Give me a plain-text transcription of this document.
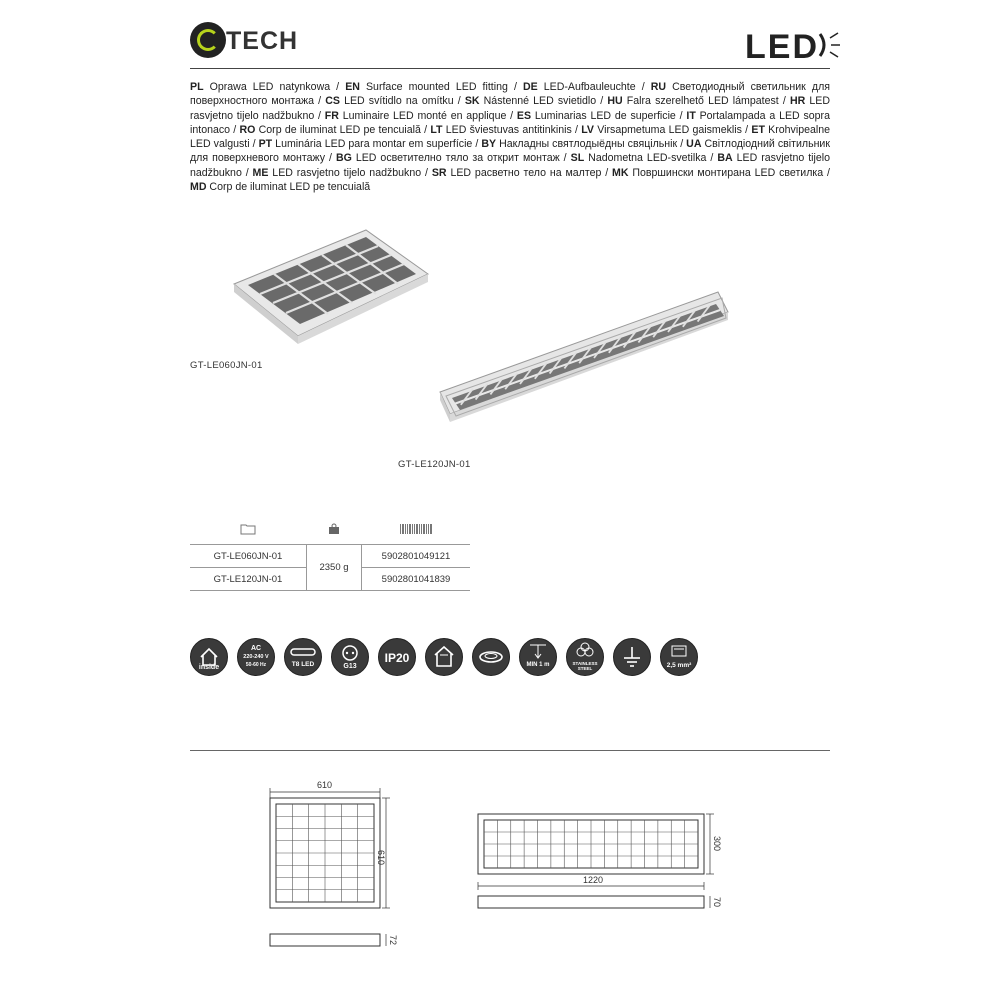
TECH	LED
PL Oprawa LED natynkowa / EN Surface mounted LED fitting / DE LED-Aufbauleuchte / RU Светодиодный светильник для поверхностного монтажа / CS LED svítidlo na omítku / SK Nástenné LED svietidlo / HU Falra szerelhető LED lámpatest / HR LED rasvjetno tijelo nadžbukno / FR Luminaire LED monté en applique / ES Luminarias LED de superficie / IT Portalampada a LED sopra intonaco / RO Corp de iluminat LED pe tencuială / LT LED šviestuvas antitinkinis / LV Virsapmetuma LED gaismeklis / ET Krohvipealne LED valgusti / PT Luminária LED para montar em superfície / BY Накладны святлодыёдны свяцільнік / UA Світлодіодний світильник для поверхневого монтажу / BG LED осветително тяло за открит монтаж / SL Nadometna LED-svetilka / BA LED rasvjetno tijelo nadžbukno / ME LED rasvjetno tijelo nadžbukno / SR LED расветно тело на малтер / MK Површински монтирана LED светилка / MD Corp de iluminat LED pe tencuială
GT-LE060JN-01
GT-LE120JN-01

GT-LE060JN-01	2350 g	5902801049121
GT-LE120JN-01		5902801041839
inside
AC
220-240 V
50-60 Hz	T8 LED	G13
IP20	MIN 1 m	STAINLESS STEEL	2,5 mm²
610
610
72
300
1220
70
